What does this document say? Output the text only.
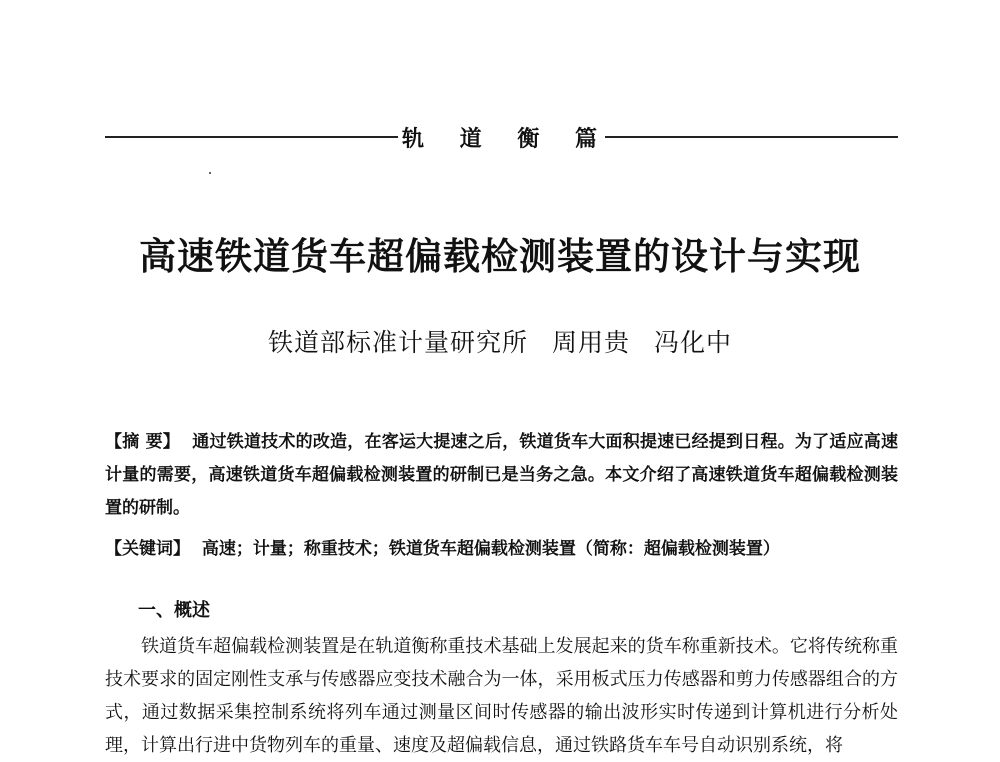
轨 道 衡 篇
高速铁道货车超偏载检测装置的设计与实现
铁道部标准计量研究所 周用贵 冯化中

【摘 要】 通过铁道技术的改造，在客运大提速之后，铁道货车大面积提速已经提到日程。为了适应高速计量的需要，高速铁道货车超偏载检测装置的研制已是当务之急。本文介绍了高速铁道货车超偏载检测装置的研制。

【关键词】 高速；计量；称重技术；铁道货车超偏载检测装置（简称：超偏载检测装置）
一、概述

铁道货车超偏载检测装置是在轨道衡称重技术基础上发展起来的货车称重新技术。它将传统称重技术要求的固定刚性支承与传感器应变技术融合为一体，采用板式压力传感器和剪力传感器组合的方式，通过数据采集控制系统将列车通过测量区间时传感器的输出波形实时传递到计算机进行分析处理，计算出行进中货物列车的重量、速度及超偏载信息，通过铁路货车车号自动识别系统，将
